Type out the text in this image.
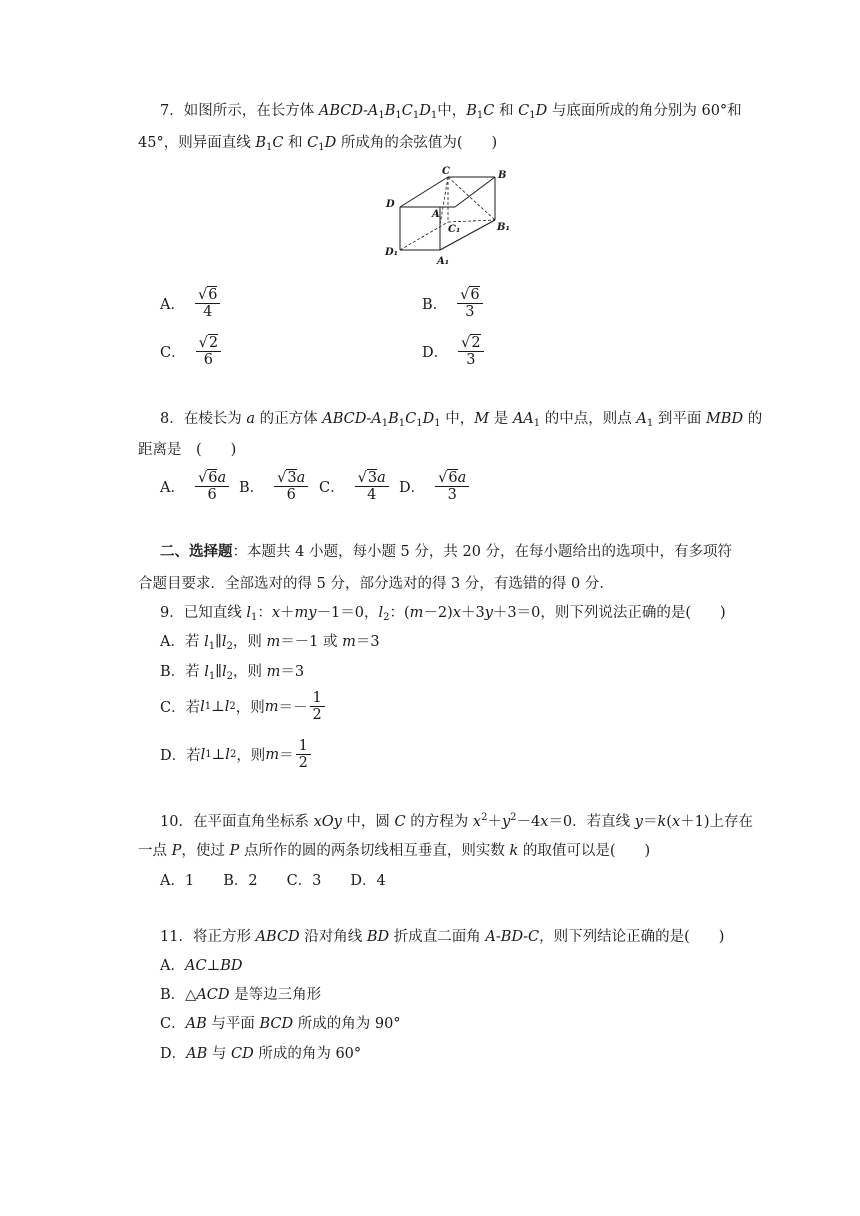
7．如图所示，在长方体 ABCD-$A_1B_1C_1D_1$中，$B_1C$ 和 $C_1D$ 与底面所成的角分别为 60°和
45°，则异面直线 $B_1C$ 和 $C_1D$ 所成角的余弦值为(　　)
C	B
D
A
C₁	B₁
D₁
A₁
A． $\frac{√6}{4}$	B． $\frac{√6}{3}$
C． $\frac{√2}{6}$	D． $\frac{√2}{3}$
8．在棱长为 a 的正方体 ABCD-$A_1B_1C_1D_1$ 中，M 是 $AA_1$ 的中点，则点 $A_1$ 到平面 MBD 的
距离是　(　　)
A． $\frac{√6a}{6}$ B． $\frac{√3a}{6}$ C． $\frac{√3a}{4}$ D． $\frac{√6a}{3}$
二、选择题：本题共 4 小题，每小题 5 分，共 20 分，在每小题给出的选项中，有多项符
合题目要求．全部选对的得 5 分，部分选对的得 3 分，有选错的得 0 分．
9．已知直线 $l_1$：x＋my－1＝0，$l_2$：(m－2)x＋3y＋3＝0，则下列说法正确的是(　　)
A．若 $l_1\parallel l_2$，则 m＝－1 或 m＝3
B．若 $l_1\parallel l_2$，则 m＝3
C．若 l 1 ⊥ l 2 ，则 $m =- \frac{1}{2}$
D．若 l 1 ⊥ l 2 ，则 $m = \frac{1}{2}$
10．在平面直角坐标系 xOy 中，圆 C 的方程为 $x^2+y^2-4x=0$．若直线 y＝k(x＋1)上存在
一点 P，使过 P 点所作的圆的两条切线相互垂直，则实数 k 的取值可以是(　　)
A．1　　B．2　　C．3　　D．4
11．将正方形 ABCD 沿对角线 BD 折成直二面角 A-BD-C，则下列结论正确的是(　　)
A．AC⊥BD
B．△ACD 是等边三角形
C．AB 与平面 BCD 所成的角为 90°
D．AB 与 CD 所成的角为 60°
